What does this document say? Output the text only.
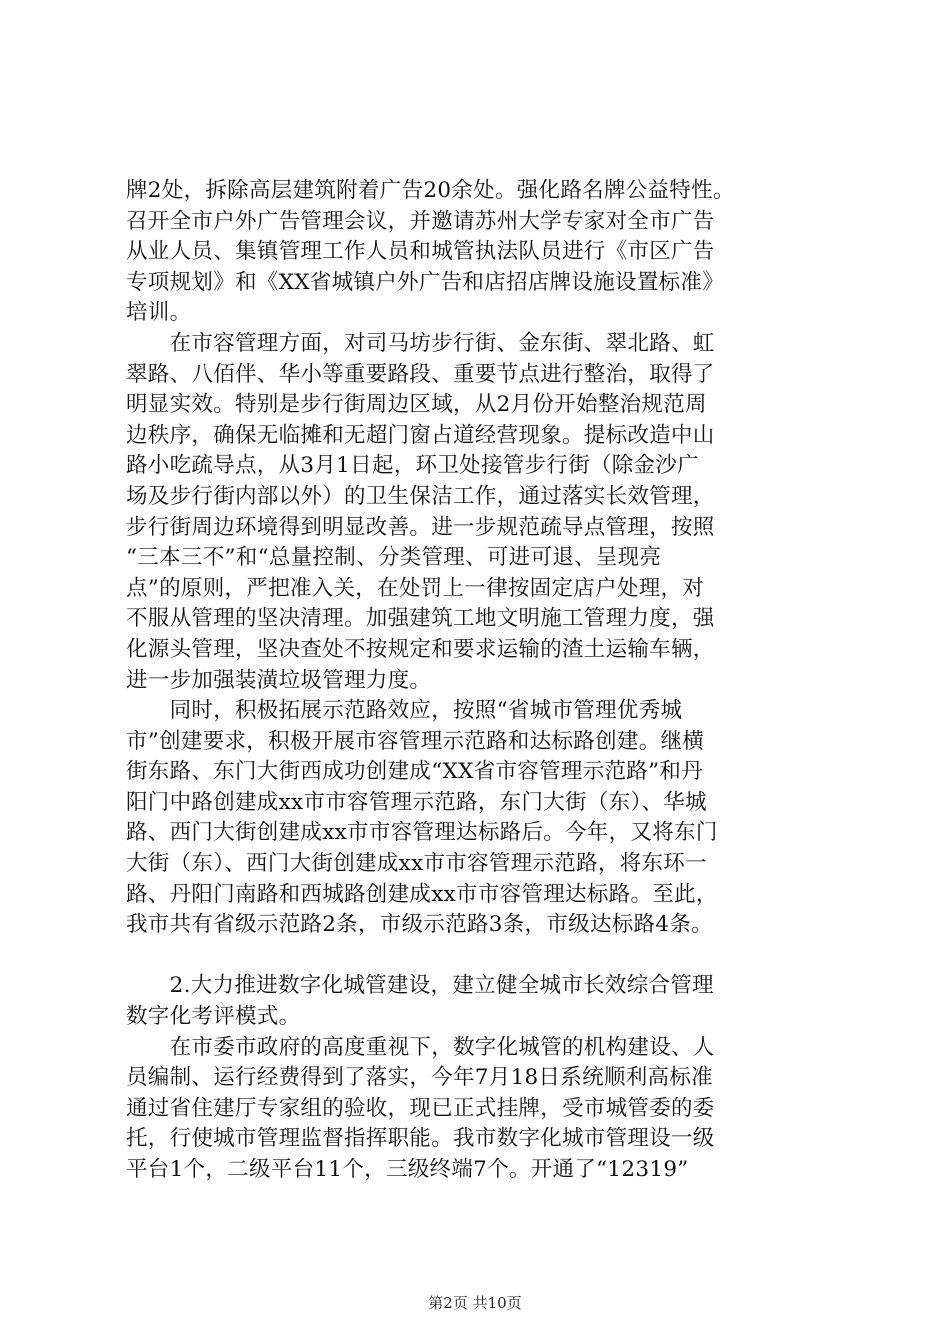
牌2处，拆除高层建筑附着广告20余处。强化路名牌公益特性。
召开全市户外广告管理会议，并邀请苏州大学专家对全市广告
从业人员、集镇管理工作人员和城管执法队员进行《市区广告
专项规划》和《XX省城镇户外广告和店招店牌设施设置标准》
培训。
　　在市容管理方面，对司马坊步行街、金东街、翠北路、虹
翠路、八佰伴、华小等重要路段、重要节点进行整治，取得了
明显实效。特别是步行街周边区域，从2月份开始整治规范周
边秩序，确保无临摊和无超门窗占道经营现象。提标改造中山
路小吃疏导点，从3月1日起，环卫处接管步行街（除金沙广
场及步行街内部以外）的卫生保洁工作，通过落实长效管理，
步行街周边环境得到明显改善。进一步规范疏导点管理，按照
“三本三不”和“总量控制、分类管理、可进可退、呈现亮
点”的原则，严把准入关，在处罚上一律按固定店户处理，对
不服从管理的坚决清理。加强建筑工地文明施工管理力度，强
化源头管理，坚决查处不按规定和要求运输的渣土运输车辆，
进一步加强装潢垃圾管理力度。
　　同时，积极拓展示范路效应，按照“省城市管理优秀城
市”创建要求，积极开展市容管理示范路和达标路创建。继横
街东路、东门大街西成功创建成“XX省市容管理示范路”和丹
阳门中路创建成xx市市容管理示范路，东门大街（东）、华城
路、西门大街创建成xx市市容管理达标路后。今年，又将东门
大街（东）、西门大街创建成xx市市容管理示范路，将东环一
路、丹阳门南路和西城路创建成xx市市容管理达标路。至此，
我市共有省级示范路2条，市级示范路3条，市级达标路4条。
　　2.大力推进数字化城管建设，建立健全城市长效综合管理
数字化考评模式。
　　在市委市政府的高度重视下，数字化城管的机构建设、人
员编制、运行经费得到了落实，今年7月18日系统顺利高标准
通过省住建厅专家组的验收，现已正式挂牌，受市城管委的委
托，行使城市管理监督指挥职能。我市数字化城市管理设一级
平台1个，二级平台11个，三级终端7个。开通了“12319”
第2页 共10页
